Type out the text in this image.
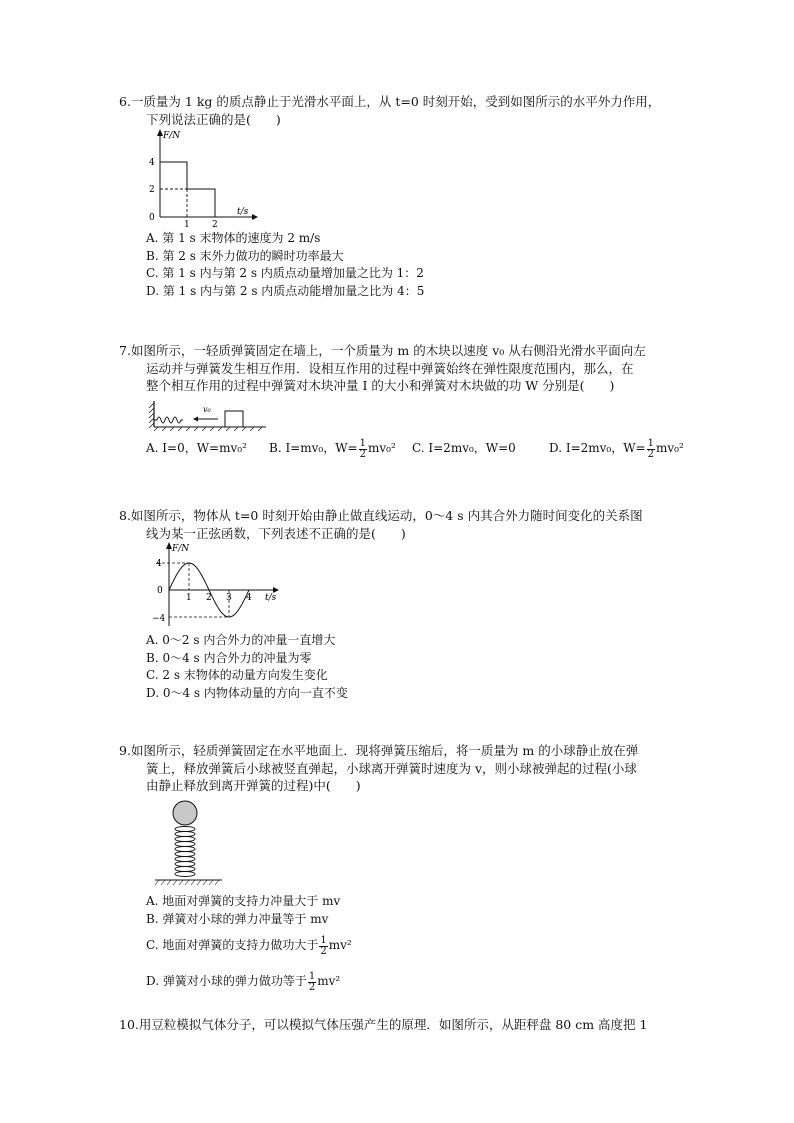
6.一质量为 1 kg 的质点静止于光滑水平面上，从 t=0 时刻开始，受到如图所示的水平外力作用，
下列说法正确的是(　　)

F/N
t/s
4
2
0
1 2

A. 第 1 s 末物体的速度为 2 m/s

B. 第 2 s 末外力做功的瞬时功率最大

C. 第 1 s 内与第 2 s 内质点动量增加量之比为 1：2

D. 第 1 s 内与第 2 s 内质点动能增加量之比为 4：5

7.如图所示，一轻质弹簧固定在墙上，一个质量为 m 的木块以速度 v₀ 从右侧沿光滑水平面向左
运动并与弹簧发生相互作用．设相互作用的过程中弹簧始终在弹性限度范围内，那么，在
整个相互作用的过程中弹簧对木块冲量 I 的大小和弹簧对木块做的功 W 分别是(　　)

v₀
A. I=0，W=mv₀²	B. I=mv₀，$W= \frac{1}{2} mv_0^2$ C. I=2mv₀，W=0	D. I=2mv₀，$W= \frac{1}{2} mv_0^2$

8.如图所示，物体从 t=0 时刻开始由静止做直线运动，0～4 s 内其合外力随时间变化的关系图
线为某一正弦函数，下列表述不正确的是(　　)

F/N
t/s
4
0
−4
1 2 3 4

A. 0～2 s 内合外力的冲量一直增大

B. 0～4 s 内合外力的冲量为零

C. 2 s 末物体的动量方向发生变化

D. 0～4 s 内物体动量的方向一直不变

9.如图所示，轻质弹簧固定在水平地面上．现将弹簧压缩后，将一质量为 m 的小球静止放在弹
簧上，释放弹簧后小球被竖直弹起，小球离开弹簧时速度为 v，则小球被弹起的过程(小球
由静止释放到离开弹簧的过程)中(　　)

A. 地面对弹簧的支持力冲量大于 mv

B. 弹簧对小球的弹力冲量等于 mv

C. 地面对弹簧的支持力做功大于 $\frac{1}{2} mv^2$

D. 弹簧对小球的弹力做功等于 $\frac{1}{2} mv^2$

10.用豆粒模拟气体分子，可以模拟气体压强产生的原理．如图所示，从距秤盘 80 cm 高度把 1
